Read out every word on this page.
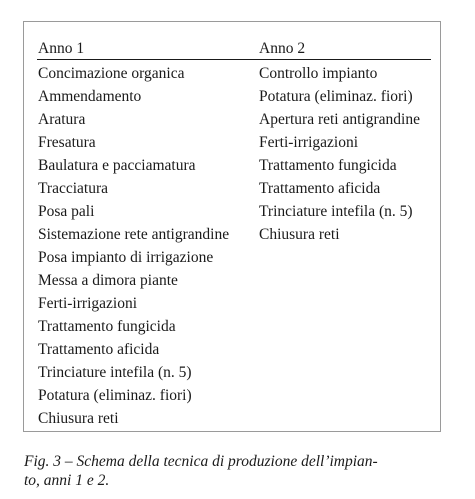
Anno 1	Anno 2
Concimazione organica
Ammendamento
Aratura
Fresatura
Baulatura e pacciamatura
Tracciatura
Posa pali
Sistemazione rete antigrandine
Posa impianto di irrigazione
Messa a dimora piante
Ferti-irrigazioni
Trattamento fungicida
Trattamento aficida
Trinciature intefila (n. 5)
Potatura (eliminaz. fiori)
Chiusura reti
Controllo impianto
Potatura (eliminaz. fiori)
Apertura reti antigrandine
Ferti-irrigazioni
Trattamento fungicida
Trattamento aficida
Trinciature intefila (n. 5)
Chiusura reti
Fig. 3 – Schema della tecnica di produzione dell’impian-
to, anni 1 e 2.
